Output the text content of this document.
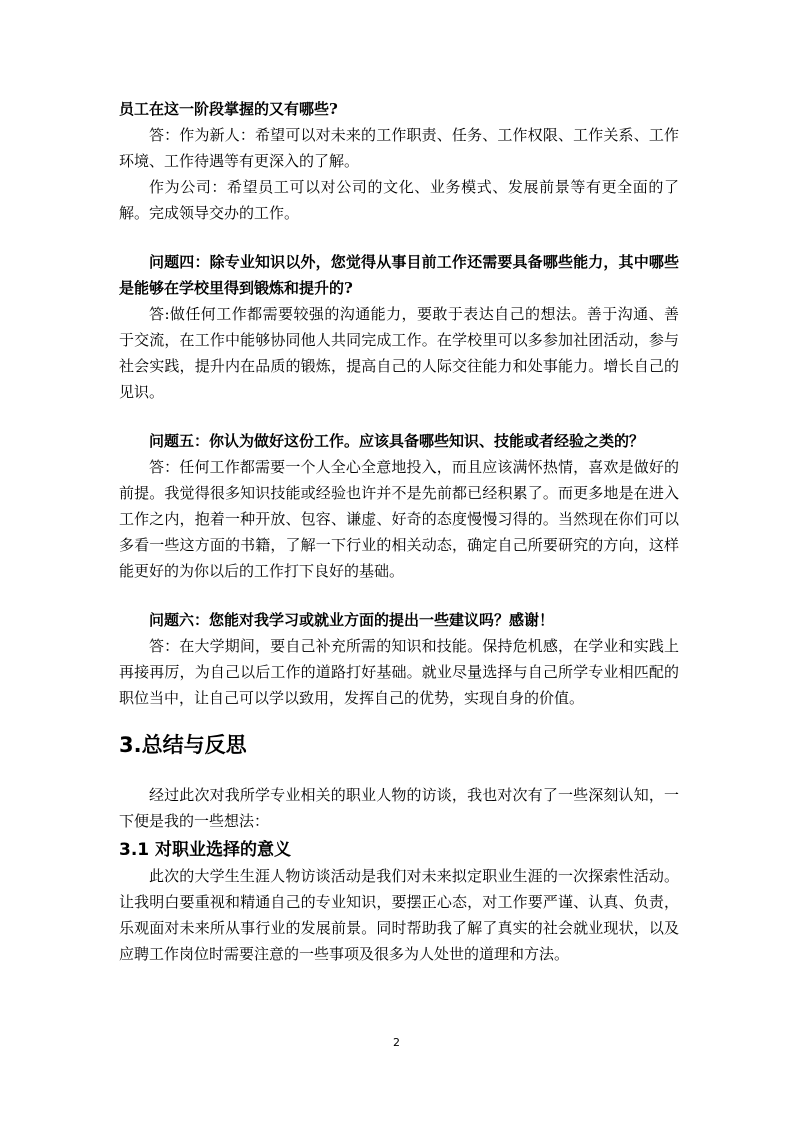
员工在这一阶段掌握的又有哪些?

答：作为新人：希望可以对未来的工作职责、任务、工作权限、工作关系、工作环境、工作待遇等有更深入的了解。

作为公司：希望员工可以对公司的文化、业务模式、发展前景等有更全面的了解。完成领导交办的工作。

问题四：除专业知识以外，您觉得从事目前工作还需要具备哪些能力，其中哪些是能够在学校里得到锻炼和提升的?

答:做任何工作都需要较强的沟通能力，要敢于表达自己的想法。善于沟通、善于交流，在工作中能够协同他人共同完成工作。在学校里可以多参加社团活动，参与社会实践，提升内在品质的锻炼，提高自己的人际交往能力和处事能力。增长自己的见识。

问题五：你认为做好这份工作。应该具备哪些知识、技能或者经验之类的？

答：任何工作都需要一个人全心全意地投入，而且应该满怀热情，喜欢是做好的前提。我觉得很多知识技能或经验也许并不是先前都已经积累了。而更多地是在进入工作之内，抱着一种开放、包容、谦虚、好奇的态度慢慢习得的。当然现在你们可以多看一些这方面的书籍，了解一下行业的相关动态，确定自己所要研究的方向，这样能更好的为你以后的工作打下良好的基础。

问题六：您能对我学习或就业方面的提出一些建议吗？感谢！

答：在大学期间，要自己补充所需的知识和技能。保持危机感，在学业和实践上再接再厉，为自己以后工作的道路打好基础。就业尽量选择与自己所学专业相匹配的职位当中，让自己可以学以致用，发挥自己的优势，实现自身的价值。

3.总结与反思

经过此次对我所学专业相关的职业人物的访谈，我也对次有了一些深刻认知，一下便是我的一些想法：

3.1 对职业选择的意义

此次的大学生生涯人物访谈活动是我们对未来拟定职业生涯的一次探索性活动。让我明白要重视和精通自己的专业知识，要摆正心态，对工作要严谨、认真、负责，乐观面对未来所从事行业的发展前景。同时帮助我了解了真实的社会就业现状，以及应聘工作岗位时需要注意的一些事项及很多为人处世的道理和方法。

2
